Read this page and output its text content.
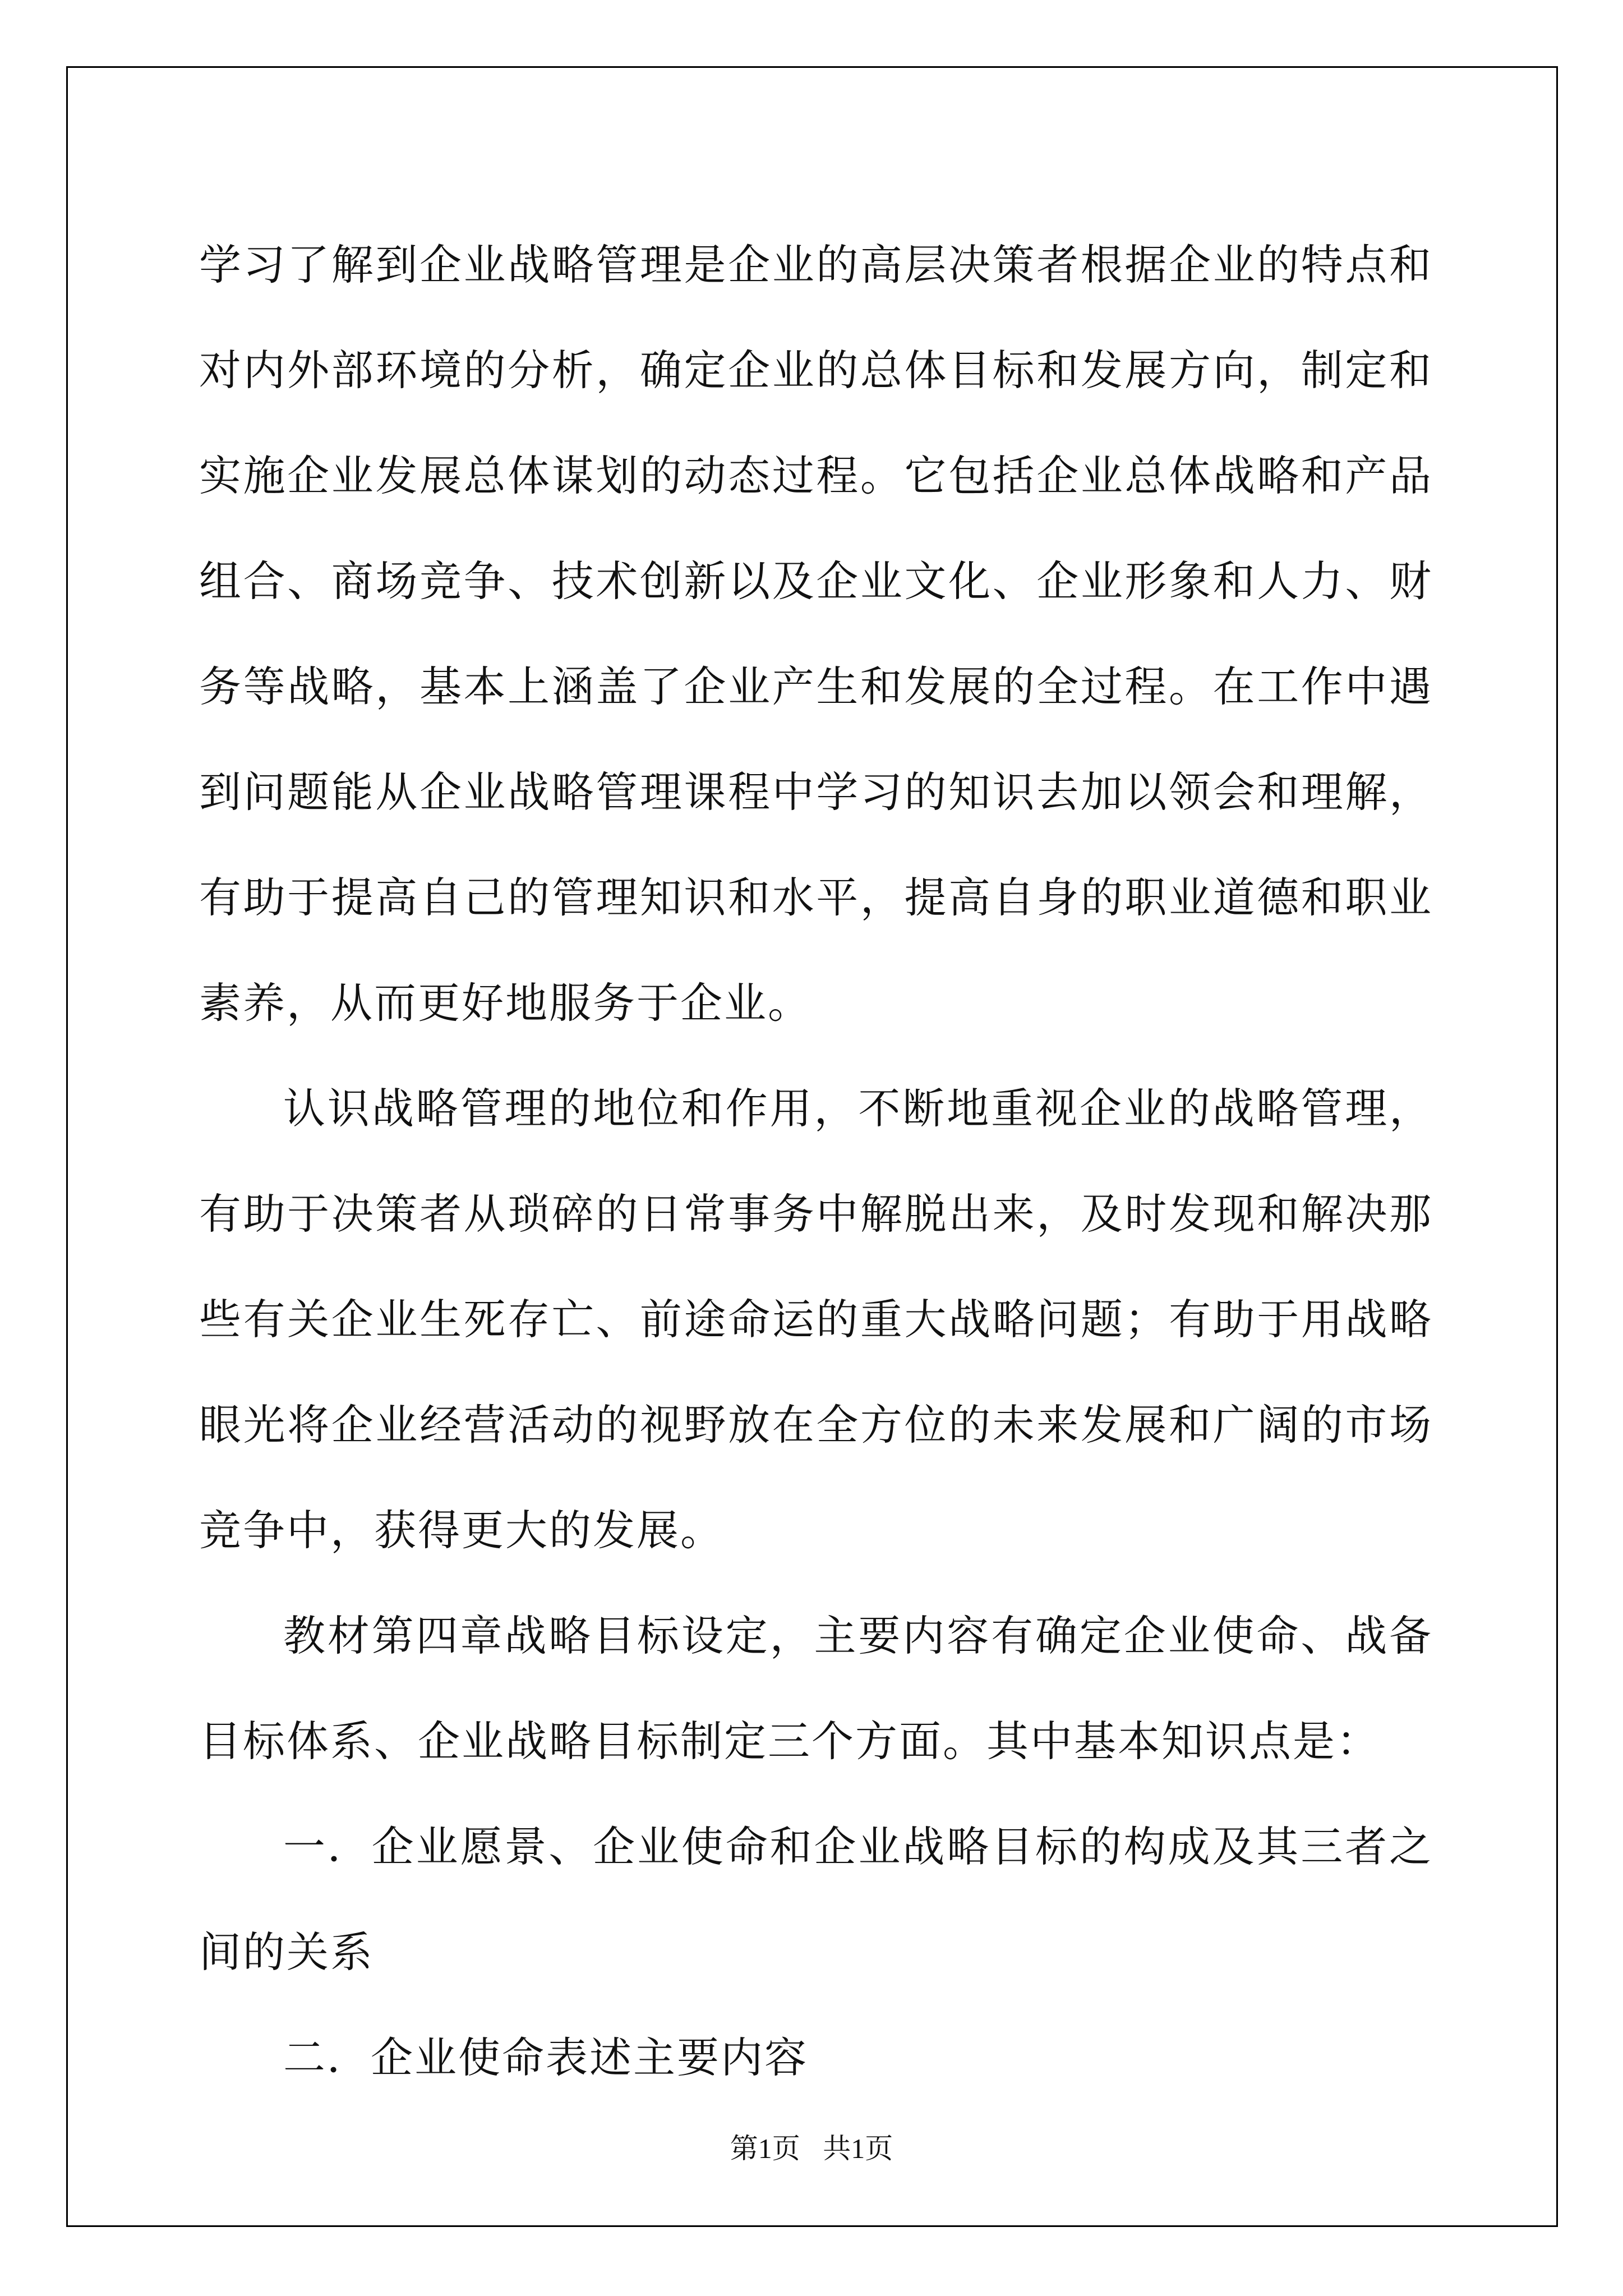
学习了解到企业战略管理是企业的高层决策者根据企业的特点和对内外部环境的分析，确定企业的总体目标和发展方向，制定和实施企业发展总体谋划的动态过程。它包括企业总体战略和产品组合、商场竞争、技术创新以及企业文化、企业形象和人力、财务等战略，基本上涵盖了企业产生和发展的全过程。在工作中遇到问题能从企业战略管理课程中学习的知识去加以领会和理解，有助于提高自己的管理知识和水平，提高自身的职业道德和职业素养，从而更好地服务于企业。

认识战略管理的地位和作用，不断地重视企业的战略管理，有助于决策者从琐碎的日常事务中解脱出来，及时发现和解决那些有关企业生死存亡、前途命运的重大战略问题；有助于用战略眼光将企业经营活动的视野放在全方位的未来发展和广阔的市场竞争中，获得更大的发展。

教材第四章战略目标设定，主要内容有确定企业使命、战备目标体系、企业战略目标制定三个方面。其中基本知识点是：

一．企业愿景、企业使命和企业战略目标的构成及其三者之间的关系

二．企业使命表述主要内容

第1页 共1页
